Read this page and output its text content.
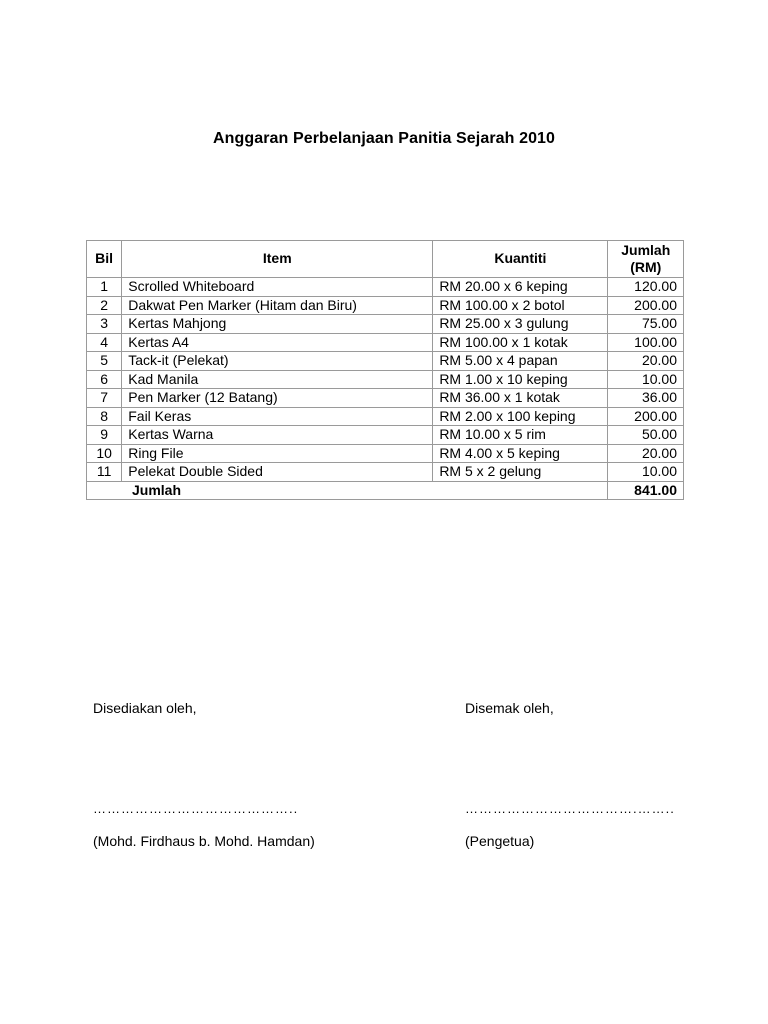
Anggaran Perbelanjaan Panitia Sejarah 2010
Bil	Item	Kuantiti	Jumlah
(RM)

1	Scrolled Whiteboard	RM 20.00 x 6 keping	120.00
2	Dakwat Pen Marker (Hitam dan Biru)	RM 100.00 x 2 botol	200.00
3	Kertas Mahjong	RM 25.00 x 3 gulung	75.00
4	Kertas A4	RM 100.00 x 1 kotak	100.00
5	Tack-it (Pelekat)	RM 5.00 x 4 papan	20.00
6	Kad Manila	RM 1.00 x 10 keping	10.00
7	Pen Marker (12 Batang)	RM 36.00 x 1 kotak	36.00
8	Fail Keras	RM 2.00 x 100 keping	200.00
9	Kertas Warna	RM 10.00 x 5 rim	50.00
10	Ring File	RM 4.00 x 5 keping	20.00
11	Pelekat Double Sided	RM 5 x 2 gelung	10.00
Jumlah			841.00
Disediakan oleh,
……………………………………..
(Mohd. Firdhaus b. Mohd. Hamdan)
Disemak oleh,
……………………………….……..
(Pengetua)
